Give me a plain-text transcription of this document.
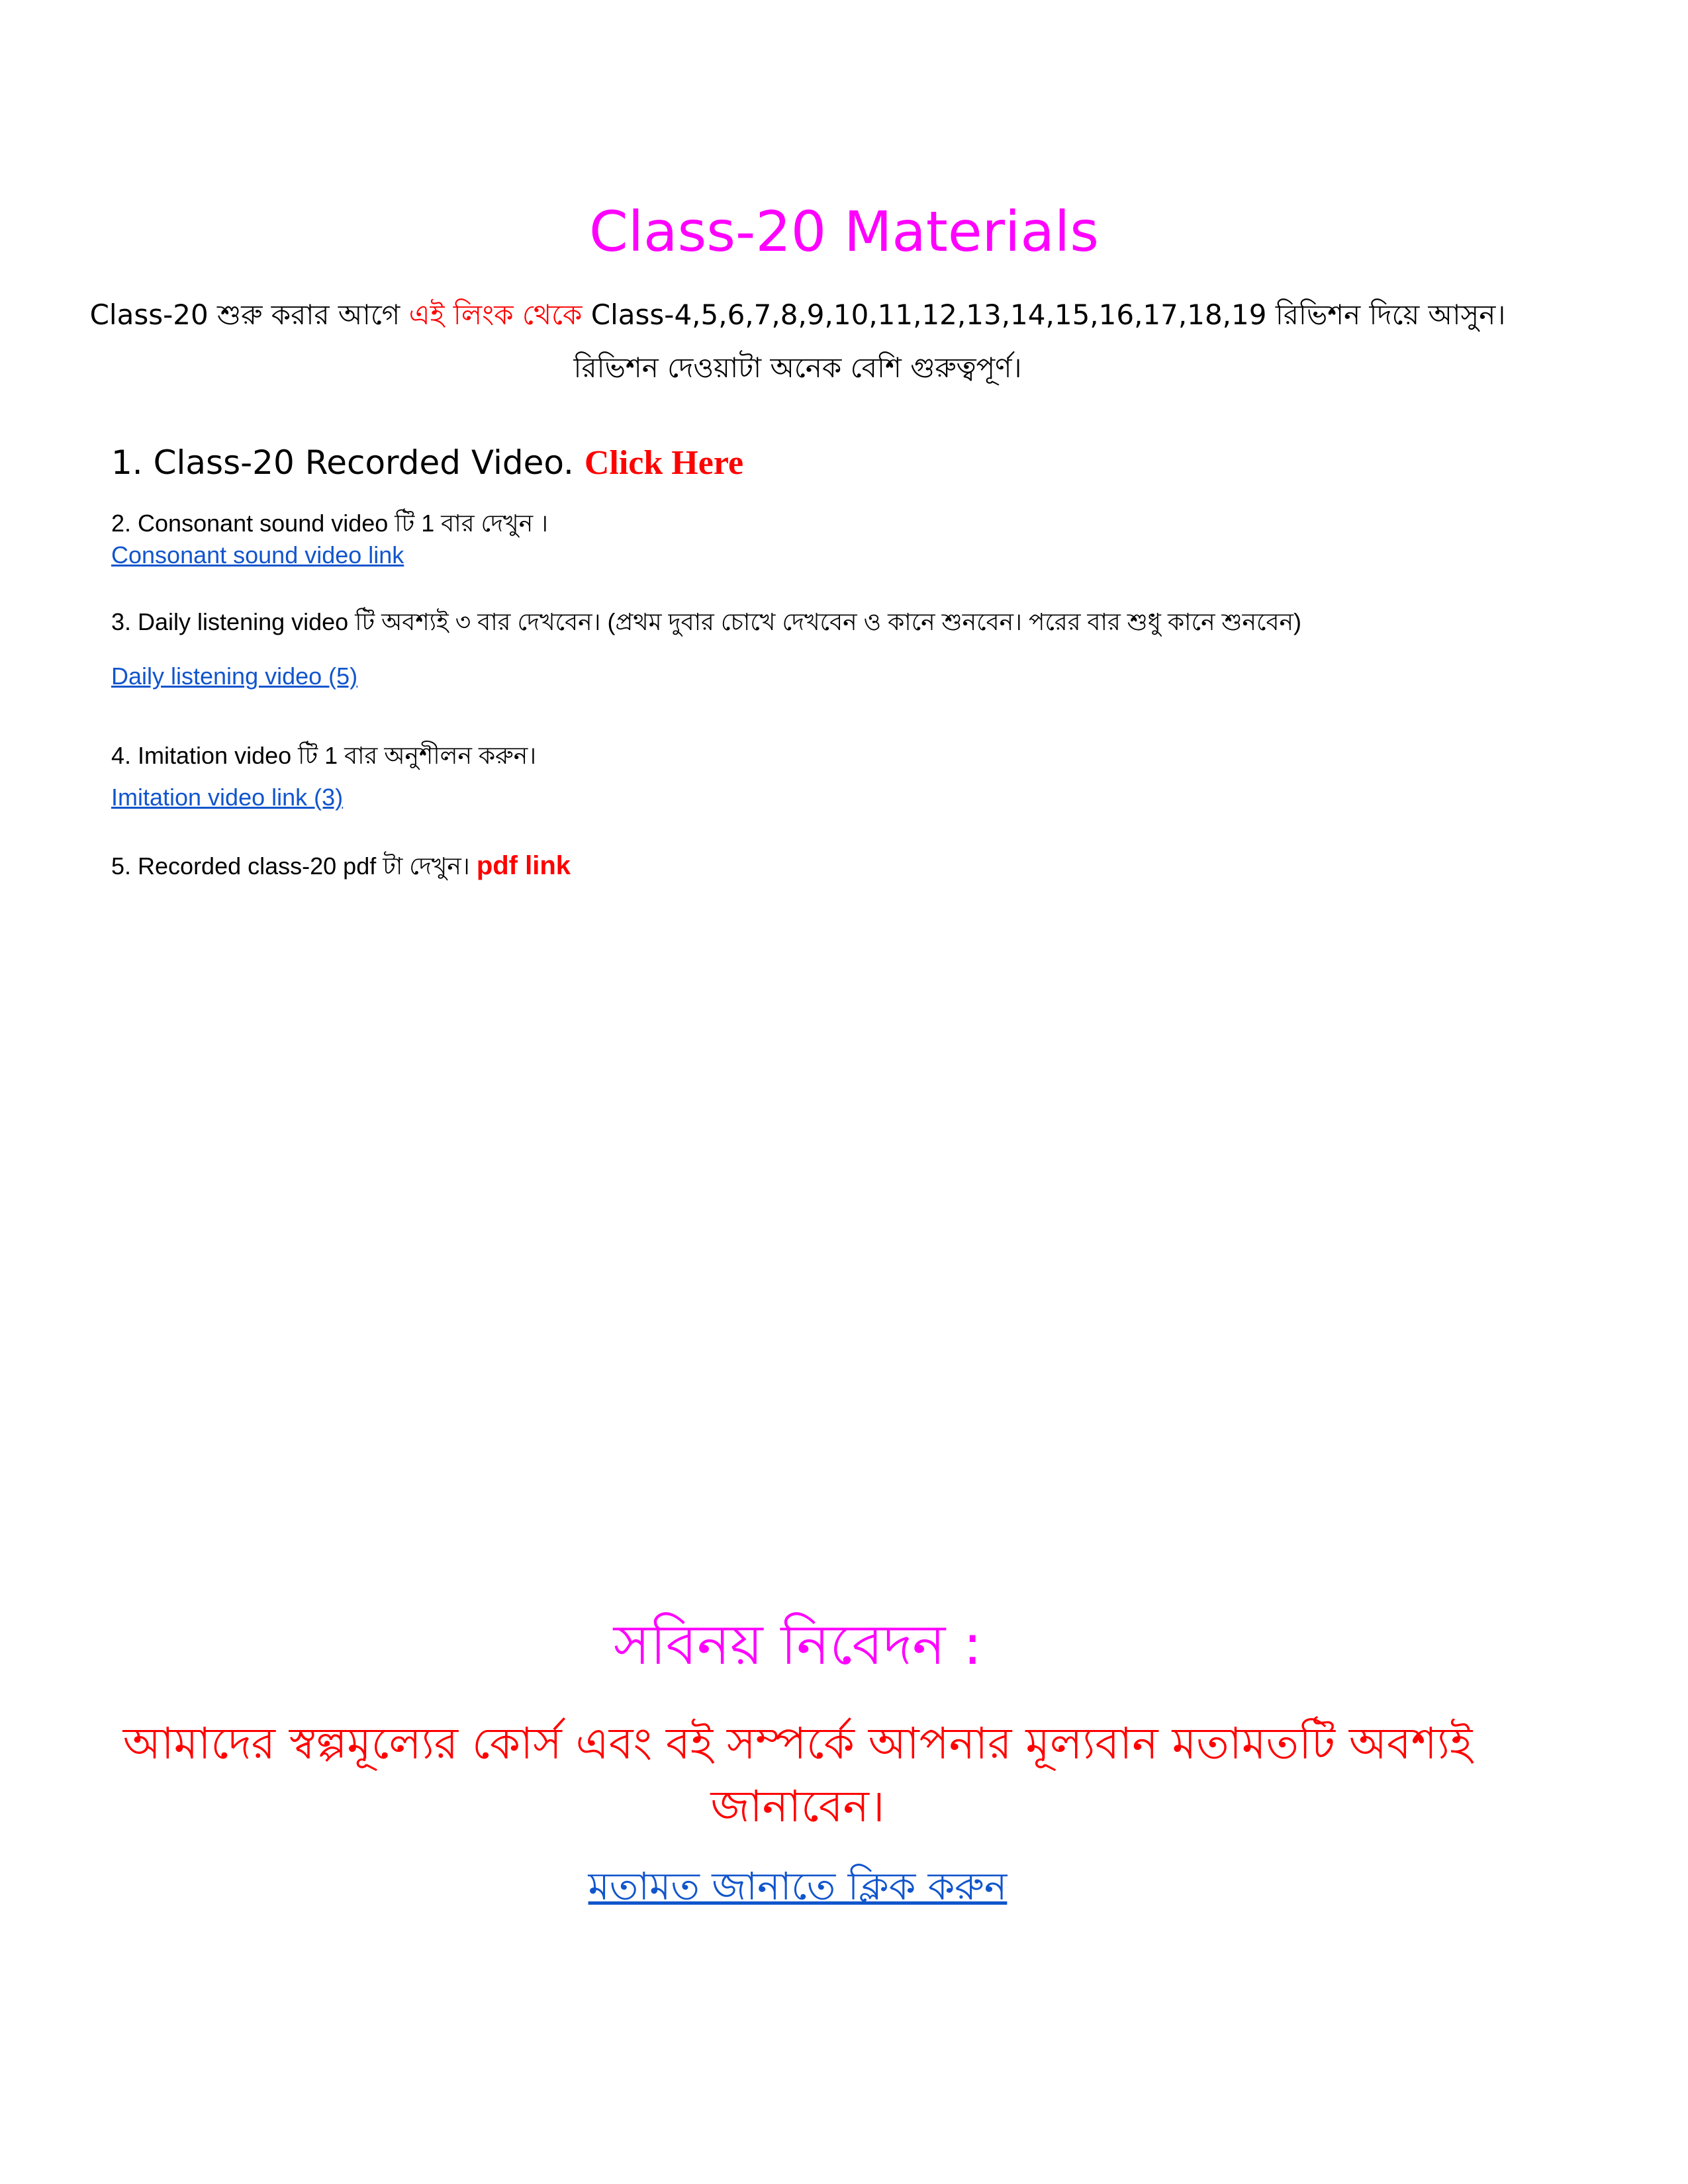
Class-20 Materials
Class-20 শুরু করার আগে এই লিংক থেকে Class-4,5,6,7,8,9,10,11,12,13,14,15,16,17,18,19 রিভিশন দিয়ে আসুন।
রিভিশন দেওয়াটা অনেক বেশি গুরুত্বপূর্ণ।
1. Class-20 Recorded Video. Click Here
2. Consonant sound video টি 1 বার দেখুন ।
Consonant sound video link
3. Daily listening video টি অবশ্যই ৩ বার দেখবেন। (প্রথম দুবার চোখে দেখবেন ও কানে শুনবেন। পরের বার শুধু কানে শুনবেন)
Daily listening video (5)
4. Imitation video টি 1 বার অনুশীলন করুন।
Imitation video link (3)
5. Recorded class-20 pdf টা দেখুন। pdf link
সবিনয় নিবেদন :
আমাদের স্বল্পমূল্যের কোর্স এবং বই সম্পর্কে আপনার মূল্যবান মতামতটি অবশ্যই
জানাবেন।
মতামত জানাতে ক্লিক করুন
